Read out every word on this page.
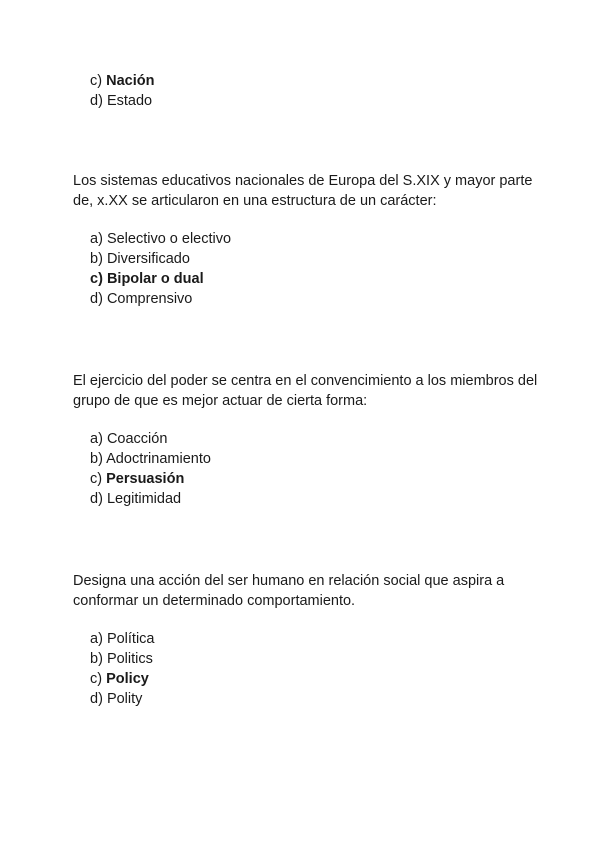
c) Nación
d) Estado

Los sistemas educativos nacionales de Europa del S.XIX y mayor parte de, x.XX se articularon en una estructura de un carácter:

a) Selectivo o electivo
b) Diversificado
c) Bipolar o dual
d) Comprensivo

El ejercicio del poder se centra en el convencimiento a los miembros del grupo de que es mejor actuar de cierta forma:

a) Coacción
b) Adoctrinamiento
c) Persuasión
d) Legitimidad

Designa una acción del ser humano en relación social que aspira a conformar un determinado comportamiento.

a) Política
b) Politics
c) Policy
d) Polity
